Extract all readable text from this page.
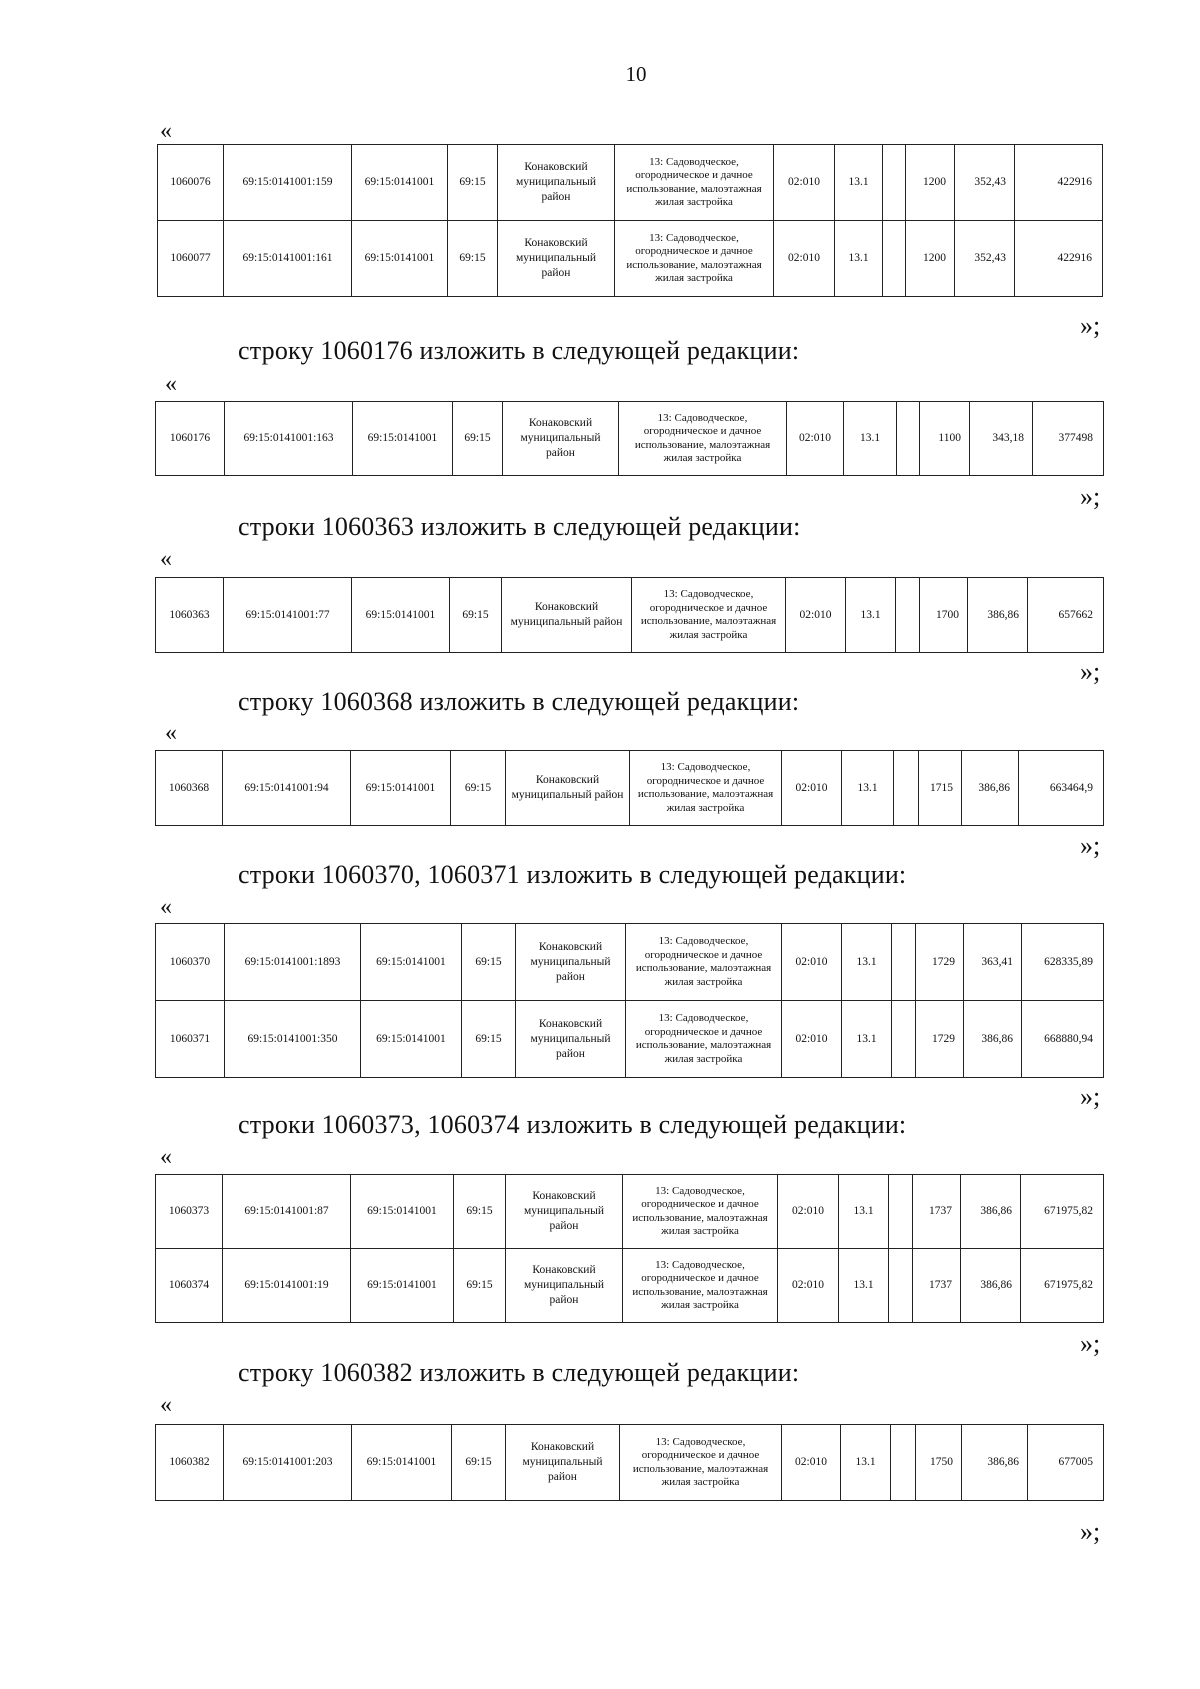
10
«
1060076	69:15:0141001:159	69:15:0141001	69:15	Конаковский муниципальный район	13: Садоводческое, огородническое и дачное использование, малоэтажная жилая застройка	02:010	13.1		1200	352,43	422916
1060077	69:15:0141001:161	69:15:0141001	69:15	Конаковский муниципальный район	13: Садоводческое, огородническое и дачное использование, малоэтажная жилая застройка	02:010	13.1		1200	352,43	422916
»;
строку 1060176 изложить в следующей редакции:
«
1060176	69:15:0141001:163	69:15:0141001	69:15	Конаковский муниципальный район	13: Садоводческое, огородническое и дачное использование, малоэтажная жилая застройка	02:010	13.1		1100	343,18	377498
»;
строки 1060363 изложить в следующей редакции:
«
1060363	69:15:0141001:77	69:15:0141001	69:15	Конаковский муниципальный район	13: Садоводческое, огородническое и дачное использование, малоэтажная жилая застройка	02:010	13.1		1700	386,86	657662
»;
строку 1060368 изложить в следующей редакции:
«
1060368	69:15:0141001:94	69:15:0141001	69:15	Конаковский муниципальный район	13: Садоводческое, огородническое и дачное использование, малоэтажная жилая застройка	02:010	13.1		1715	386,86	663464,9
»;
строки 1060370, 1060371 изложить в следующей редакции:
«
1060370	69:15:0141001:1893	69:15:0141001	69:15	Конаковский муниципальный район	13: Садоводческое, огородническое и дачное использование, малоэтажная жилая застройка	02:010	13.1		1729	363,41	628335,89
1060371	69:15:0141001:350	69:15:0141001	69:15	Конаковский муниципальный район	13: Садоводческое, огородническое и дачное использование, малоэтажная жилая застройка	02:010	13.1		1729	386,86	668880,94
»;
строки 1060373, 1060374 изложить в следующей редакции:
«
1060373	69:15:0141001:87	69:15:0141001	69:15	Конаковский муниципальный район	13: Садоводческое, огородническое и дачное использование, малоэтажная жилая застройка	02:010	13.1		1737	386,86	671975,82
1060374	69:15:0141001:19	69:15:0141001	69:15	Конаковский муниципальный район	13: Садоводческое, огородническое и дачное использование, малоэтажная жилая застройка	02:010	13.1		1737	386,86	671975,82
»;
строку 1060382 изложить в следующей редакции:
«
1060382	69:15:0141001:203	69:15:0141001	69:15	Конаковский муниципальный район	13: Садоводческое, огородническое и дачное использование, малоэтажная жилая застройка	02:010	13.1		1750	386,86	677005
»;
